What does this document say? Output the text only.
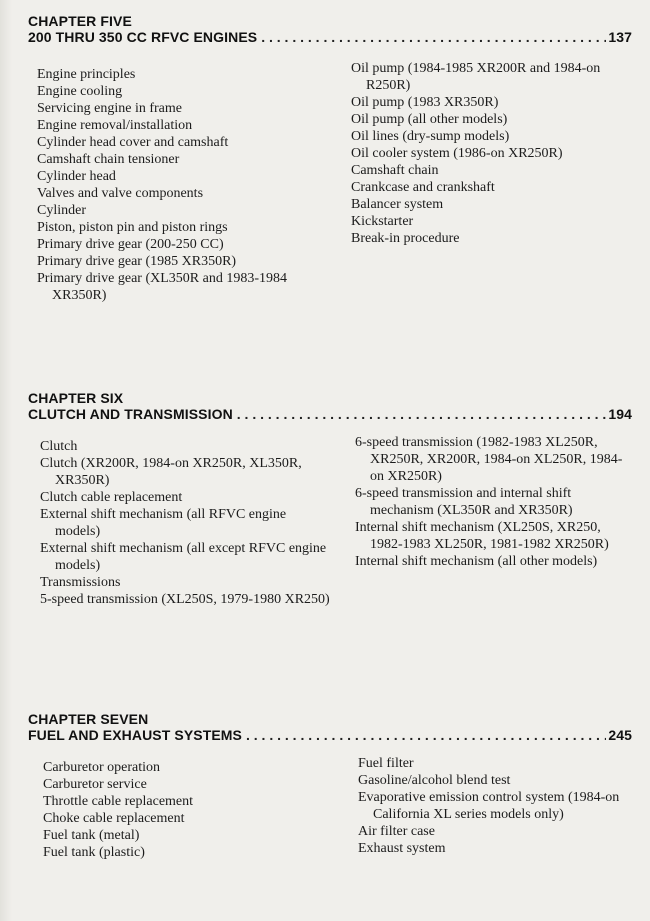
CHAPTER FIVE
200 THRU 350 CC RFVC ENGINES . . .	137
Engine principles
Engine cooling
Servicing engine in frame
Engine removal/installation
Cylinder head cover and camshaft
Camshaft chain tensioner
Cylinder head
Valves and valve components
Cylinder
Piston, piston pin and piston rings
Primary drive gear (200-250 CC)
Primary drive gear (1985 XR350R)
Primary drive gear (XL350R and 1983-1984 XR350R)
Oil pump (1984-1985 XR200R and 1984-on R250R)
Oil pump (1983 XR350R)
Oil pump (all other models)
Oil lines (dry-sump models)
Oil cooler system (1986-on XR250R)
Camshaft chain
Crankcase and crankshaft
Balancer system
Kickstarter
Break-in procedure
CHAPTER SIX
CLUTCH AND TRANSMISSION . . .	194
Clutch
Clutch (XR200R, 1984-on XR250R, XL350R, XR350R)
Clutch cable replacement
External shift mechanism (all RFVC engine models)
External shift mechanism (all except RFVC engine models)
Transmissions
5-speed transmission (XL250S, 1979-1980 XR250)
6-speed transmission (1982-1983 XL250R, XR250R, XR200R, 1984-on XL250R, 1984-on XR250R)
6-speed transmission and internal shift mechanism (XL350R and XR350R)
Internal shift mechanism (XL250S, XR250, 1982-1983 XL250R, 1981-1982 XR250R)
Internal shift mechanism (all other models)
CHAPTER SEVEN
FUEL AND EXHAUST SYSTEMS . . .	245
Carburetor operation
Carburetor service
Throttle cable replacement
Choke cable replacement
Fuel tank (metal)
Fuel tank (plastic)
Fuel filter
Gasoline/alcohol blend test
Evaporative emission control system (1984-on California XL series models only)
Air filter case
Exhaust system
